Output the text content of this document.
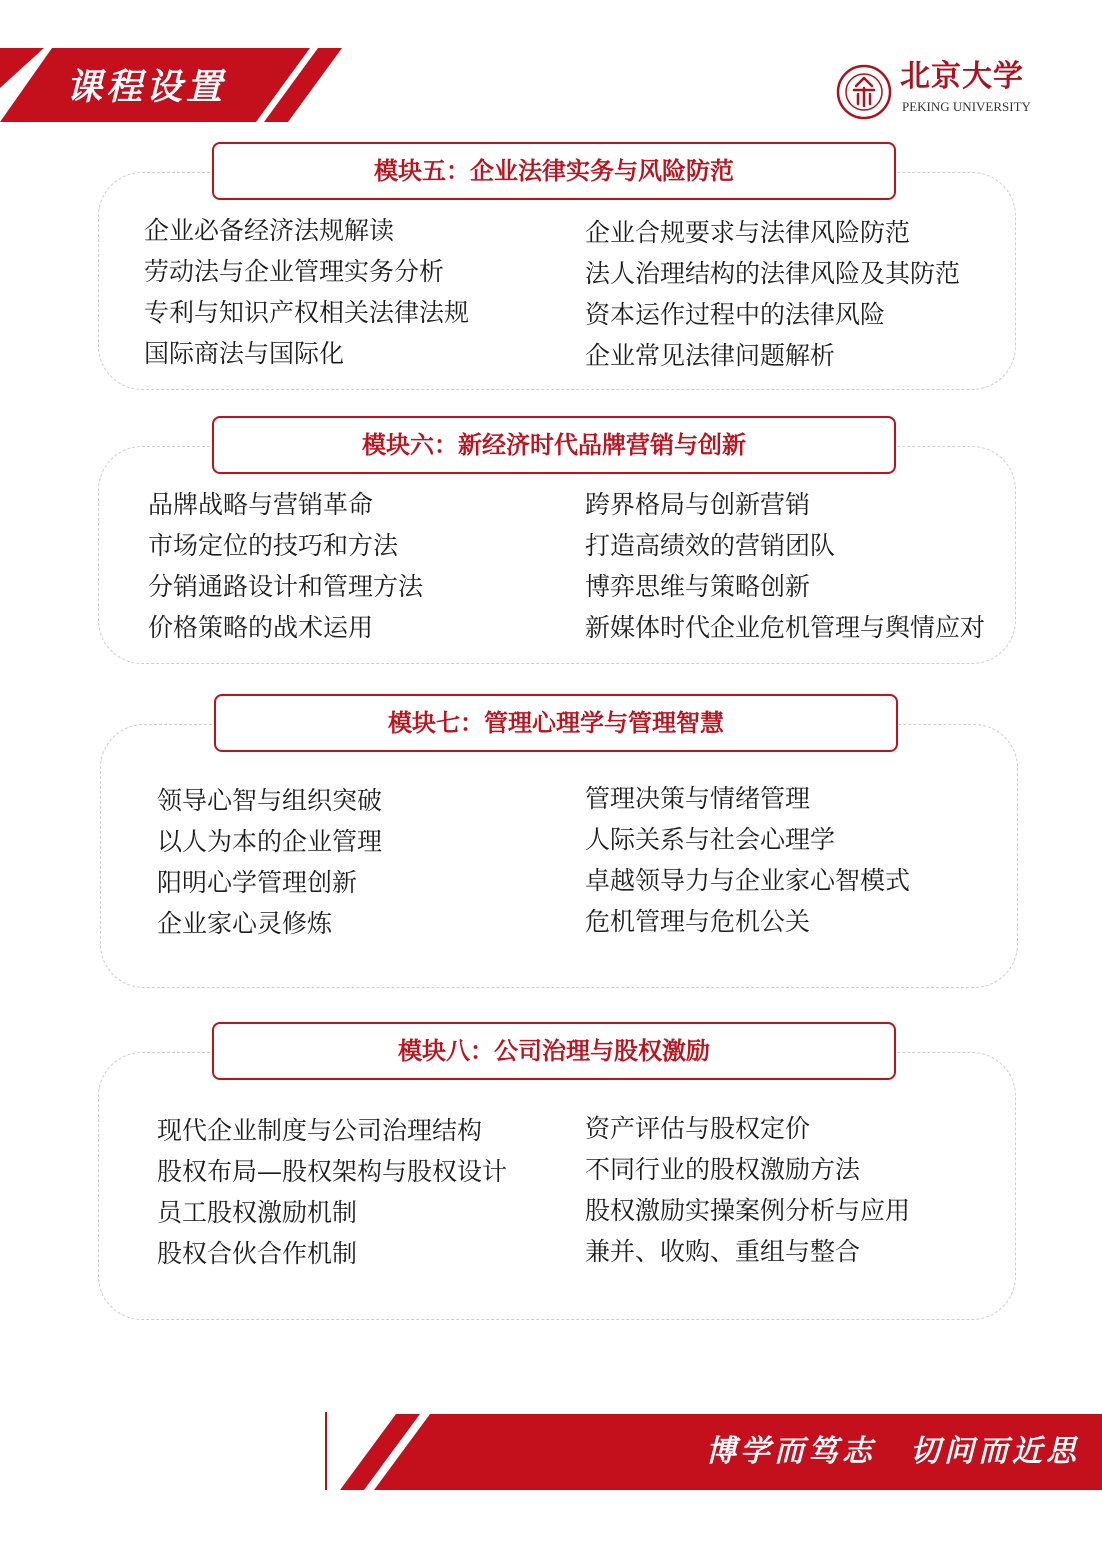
课程设置	北京大学
PEKING UNIVERSITY
模块五：企业法律实务与风险防范
企业必备经济法规解读
劳动法与企业管理实务分析
专利与知识产权相关法律法规
国际商法与国际化
企业合规要求与法律风险防范
法人治理结构的法律风险及其防范
资本运作过程中的法律风险
企业常见法律问题解析
模块六：新经济时代品牌营销与创新
品牌战略与营销革命
市场定位的技巧和方法
分销通路设计和管理方法
价格策略的战术运用
跨界格局与创新营销
打造高绩效的营销团队
博弈思维与策略创新
新媒体时代企业危机管理与舆情应对
模块七：管理心理学与管理智慧
领导心智与组织突破
以人为本的企业管理
阳明心学管理创新
企业家心灵修炼
管理决策与情绪管理
人际关系与社会心理学
卓越领导力与企业家心智模式
危机管理与危机公关
模块八：公司治理与股权激励
现代企业制度与公司治理结构
股权布局—股权架构与股权设计
员工股权激励机制
股权合伙合作机制
资产评估与股权定价
不同行业的股权激励方法
股权激励实操案例分析与应用
兼并、收购、重组与整合
博学而笃志　切问而近思
